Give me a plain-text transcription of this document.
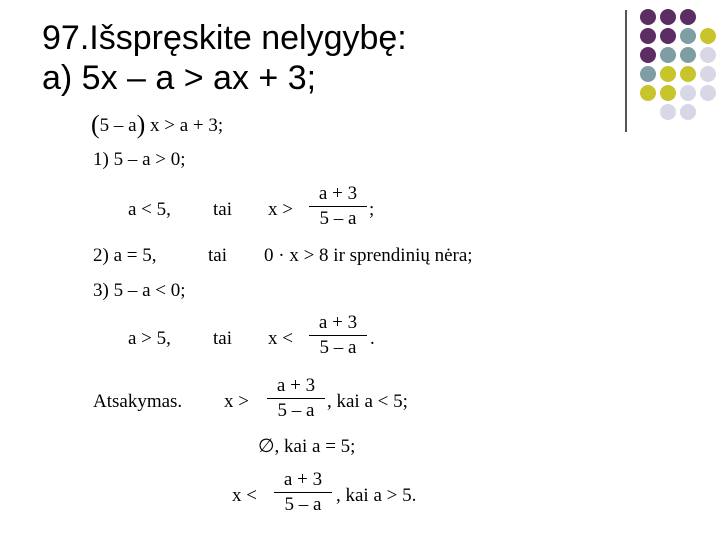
97.Išspręskite nelygybę:
a) 5x – a > ax + 3;
(5 – a) x > a + 3;
1) 5 – a > 0;
a < 5, tai x >
a + 3
5 – a ;
2) a = 5,	tai 0 · x > 8 ir sprendinių nėra;
3) 5 – a < 0;
a > 5, tai x <
a + 3
5 – a .
Atsakymas. x >
a + 3
5 – a , kai a < 5;
∅, kai a = 5;
x <
a + 3
5 – a , kai a > 5.
